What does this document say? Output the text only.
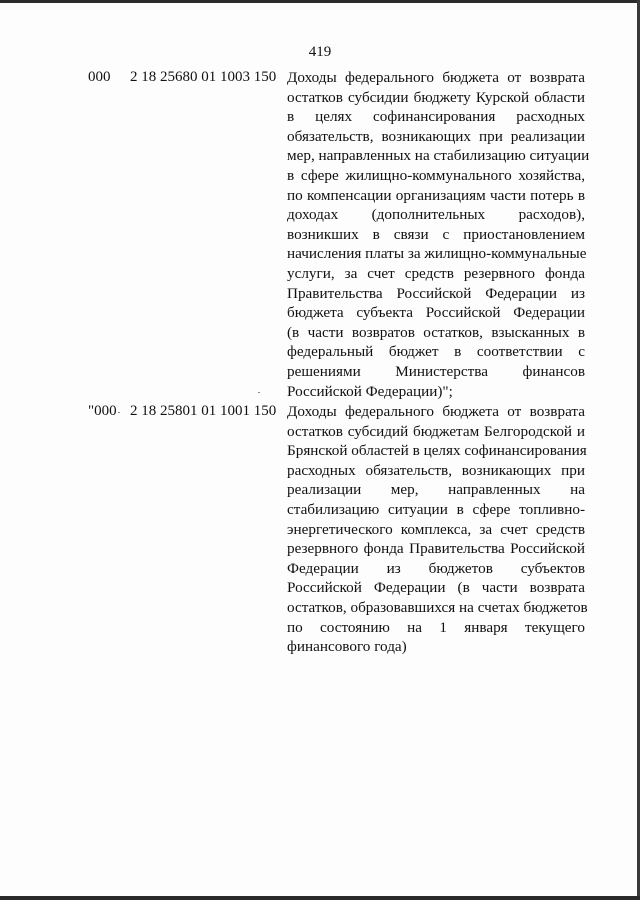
419
000 2 18 25680 01 1003 150 Доходы федерального бюджета от возврата
остатков субсидии бюджету Курской области
в целях софинансирования расходных
обязательств, возникающих при реализации
мер, направленных на стабилизацию ситуации
в сфере жилищно-коммунального хозяйства,
по компенсации организациям части потерь в
доходах (дополнительных расходов),
возникших в связи с приостановлением
начисления платы за жилищно-коммунальные
услуги, за счет средств резервного фонда
Правительства Российской Федерации из
бюджета субъекта Российской Федерации
(в части возвратов остатков, взысканных в
федеральный бюджет в соответствии с
решениями Министерства финансов
Российской Федерации)";
"000 2 18 25801 01 1001 150 Доходы федерального бюджета от возврата
остатков субсидий бюджетам Белгородской и
Брянской областей в целях софинансирования
расходных обязательств, возникающих при
реализации мер, направленных на
стабилизацию ситуации в сфере топливно-
энергетического комплекса, за счет средств
резервного фонда Правительства Российской
Федерации из бюджетов субъектов
Российской Федерации (в части возврата
остатков, образовавшихся на счетах бюджетов
по состоянию на 1 января текущего
финансового года)
